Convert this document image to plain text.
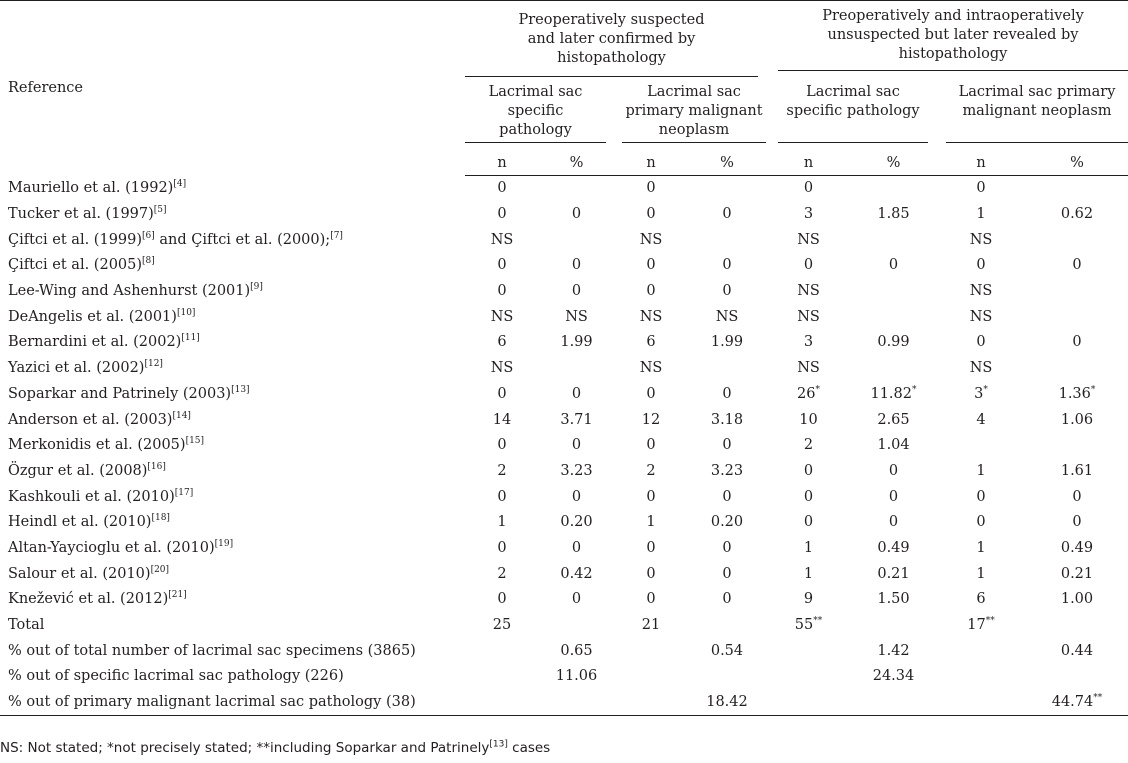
Reference	Preoperatively suspected and later confirmed by histopathology				Preoperatively and intraoperatively unsuspected but later revealed by histopathology			

	Lacrimal sac specific pathology		Lacrimal sac primary malignant neoplasm		Lacrimal sac specific pathology		Lacrimal sac primary malignant neoplasm	

	n	%	n	%	n	%	n	%
Mauriello et al. (1992)[4]	0		0		0		0	
Tucker et al. (1997)[5]	0	0	0	0	3	1.85	1	0.62
Çiftci et al. (1999)[6] and Çiftci et al. (2000);[7]	NS		NS		NS		NS	
Çiftci et al. (2005)[8]	0	0	0	0	0	0	0	0
Lee-Wing and Ashenhurst (2001)[9]	0	0	0	0	NS		NS	
DeAngelis et al. (2001)[10]	NS	NS	NS	NS	NS		NS	
Bernardini et al. (2002)[11]	6	1.99	6	1.99	3	0.99	0	0
Yazici et al. (2002)[12]	NS		NS		NS		NS	
Soparkar and Patrinely (2003)[13]	0	0	0	0	26*	11.82*	3*	1.36*
Anderson et al. (2003)[14]	14	3.71	12	3.18	10	2.65	4	1.06
Merkonidis et al. (2005)[15]	0	0	0	0	2	1.04		
Özgur et al. (2008)[16]	2	3.23	2	3.23	0	0	1	1.61
Kashkouli et al. (2010)[17]	0	0	0	0	0	0	0	0
Heindl et al. (2010)[18]	1	0.20	1	0.20	0	0	0	0
Altan-Yaycioglu et al. (2010)[19]	0	0	0	0	1	0.49	1	0.49
Salour et al. (2010)[20]	2	0.42	0	0	1	0.21	1	0.21
Knežević et al. (2012)[21]	0	0	0	0	9	1.50	6	1.00
Total	25		21		55**		17**	
% out of total number of lacrimal sac specimens (3865)		0.65		0.54		1.42		0.44
% out of specific lacrimal sac pathology (226)		11.06				24.34		
% out of primary malignant lacrimal sac pathology (38)				18.42				44.74**
NS: Not stated; *not precisely stated; **including Soparkar and Patrinely[13] cases
